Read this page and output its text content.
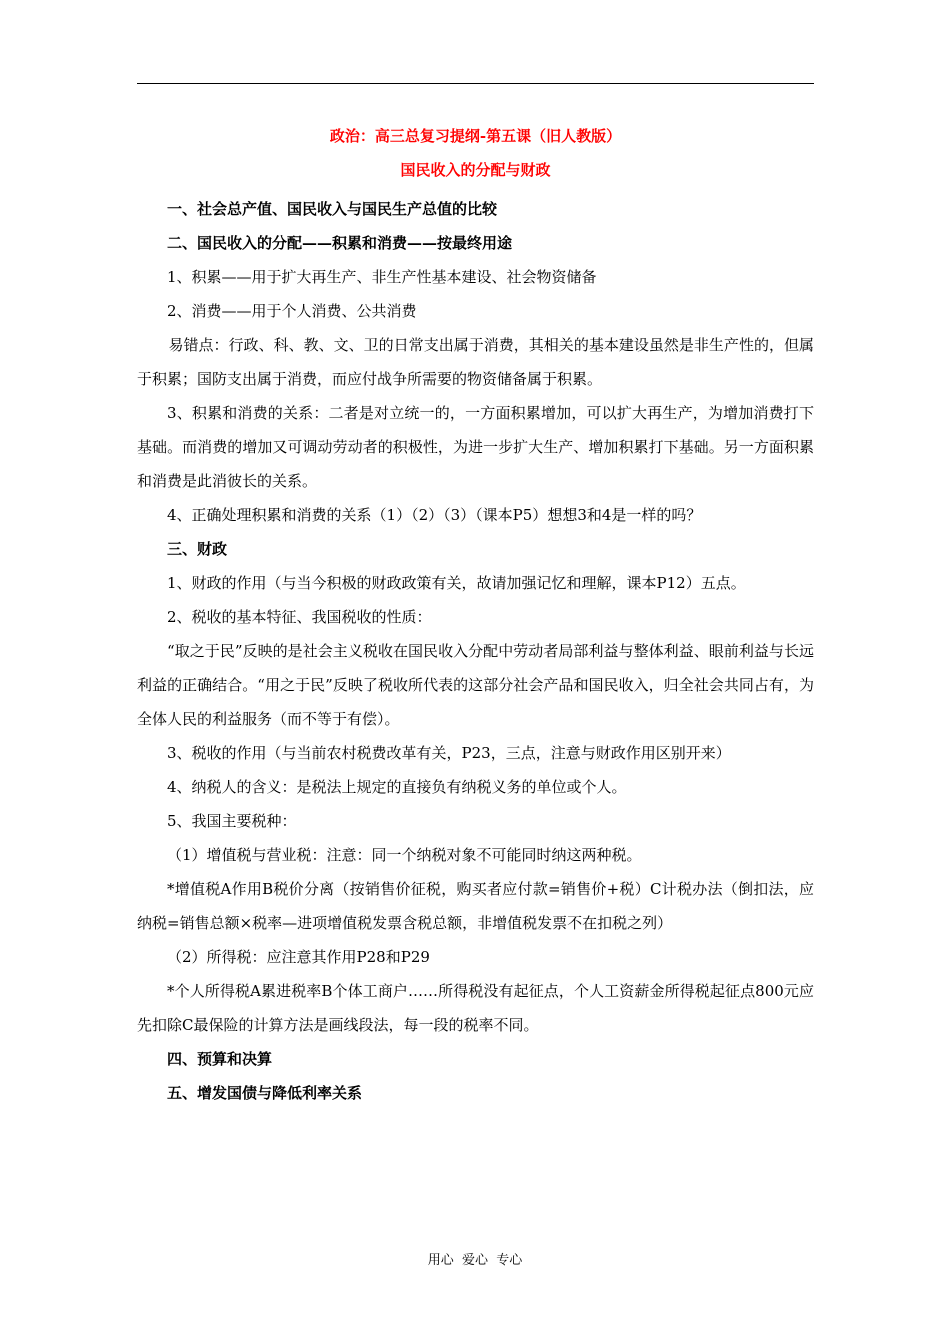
政治：高三总复习提纲-第五课（旧人教版）
国民收入的分配与财政

一、社会总产值、国民收入与国民生产总值的比较

二、国民收入的分配——积累和消费——按最终用途

1、积累——用于扩大再生产、非生产性基本建设、社会物资储备

2、消费——用于个人消费、公共消费

易错点：行政、科、教、文、卫的日常支出属于消费，其相关的基本建设虽然是非生产性的，但属于积累；国防支出属于消费，而应付战争所需要的物资储备属于积累。

3、积累和消费的关系：二者是对立统一的，一方面积累增加，可以扩大再生产，为增加消费打下基础。而消费的增加又可调动劳动者的积极性，为进一步扩大生产、增加积累打下基础。另一方面积累和消费是此消彼长的关系。

4、正确处理积累和消费的关系（1）（2）（3）（课本P5）想想3和4是一样的吗？

三、财政

1、财政的作用（与当今积极的财政政策有关，故请加强记忆和理解，课本P12）五点。

2、税收的基本特征、我国税收的性质：

“取之于民”反映的是社会主义税收在国民收入分配中劳动者局部利益与整体利益、眼前利益与长远利益的正确结合。“用之于民”反映了税收所代表的这部分社会产品和国民收入，归全社会共同占有，为全体人民的利益服务（而不等于有偿）。

3、税收的作用（与当前农村税费改革有关，P23，三点，注意与财政作用区别开来）

4、纳税人的含义：是税法上规定的直接负有纳税义务的单位或个人。

5、我国主要税种：

（1）增值税与营业税：注意：同一个纳税对象不可能同时纳这两种税。

*增值税A作用B税价分离（按销售价征税，购买者应付款=销售价+税）C计税办法（倒扣法，应纳税=销售总额×税率—进项增值税发票含税总额，非增值税发票不在扣税之列）

（2）所得税：应注意其作用P28和P29

*个人所得税A累进税率B个体工商户……所得税没有起征点，个人工资薪金所得税起征点800元应先扣除C最保险的计算方法是画线段法，每一段的税率不同。

四、预算和决算

五、增发国债与降低利率关系

用心  爱心  专心
